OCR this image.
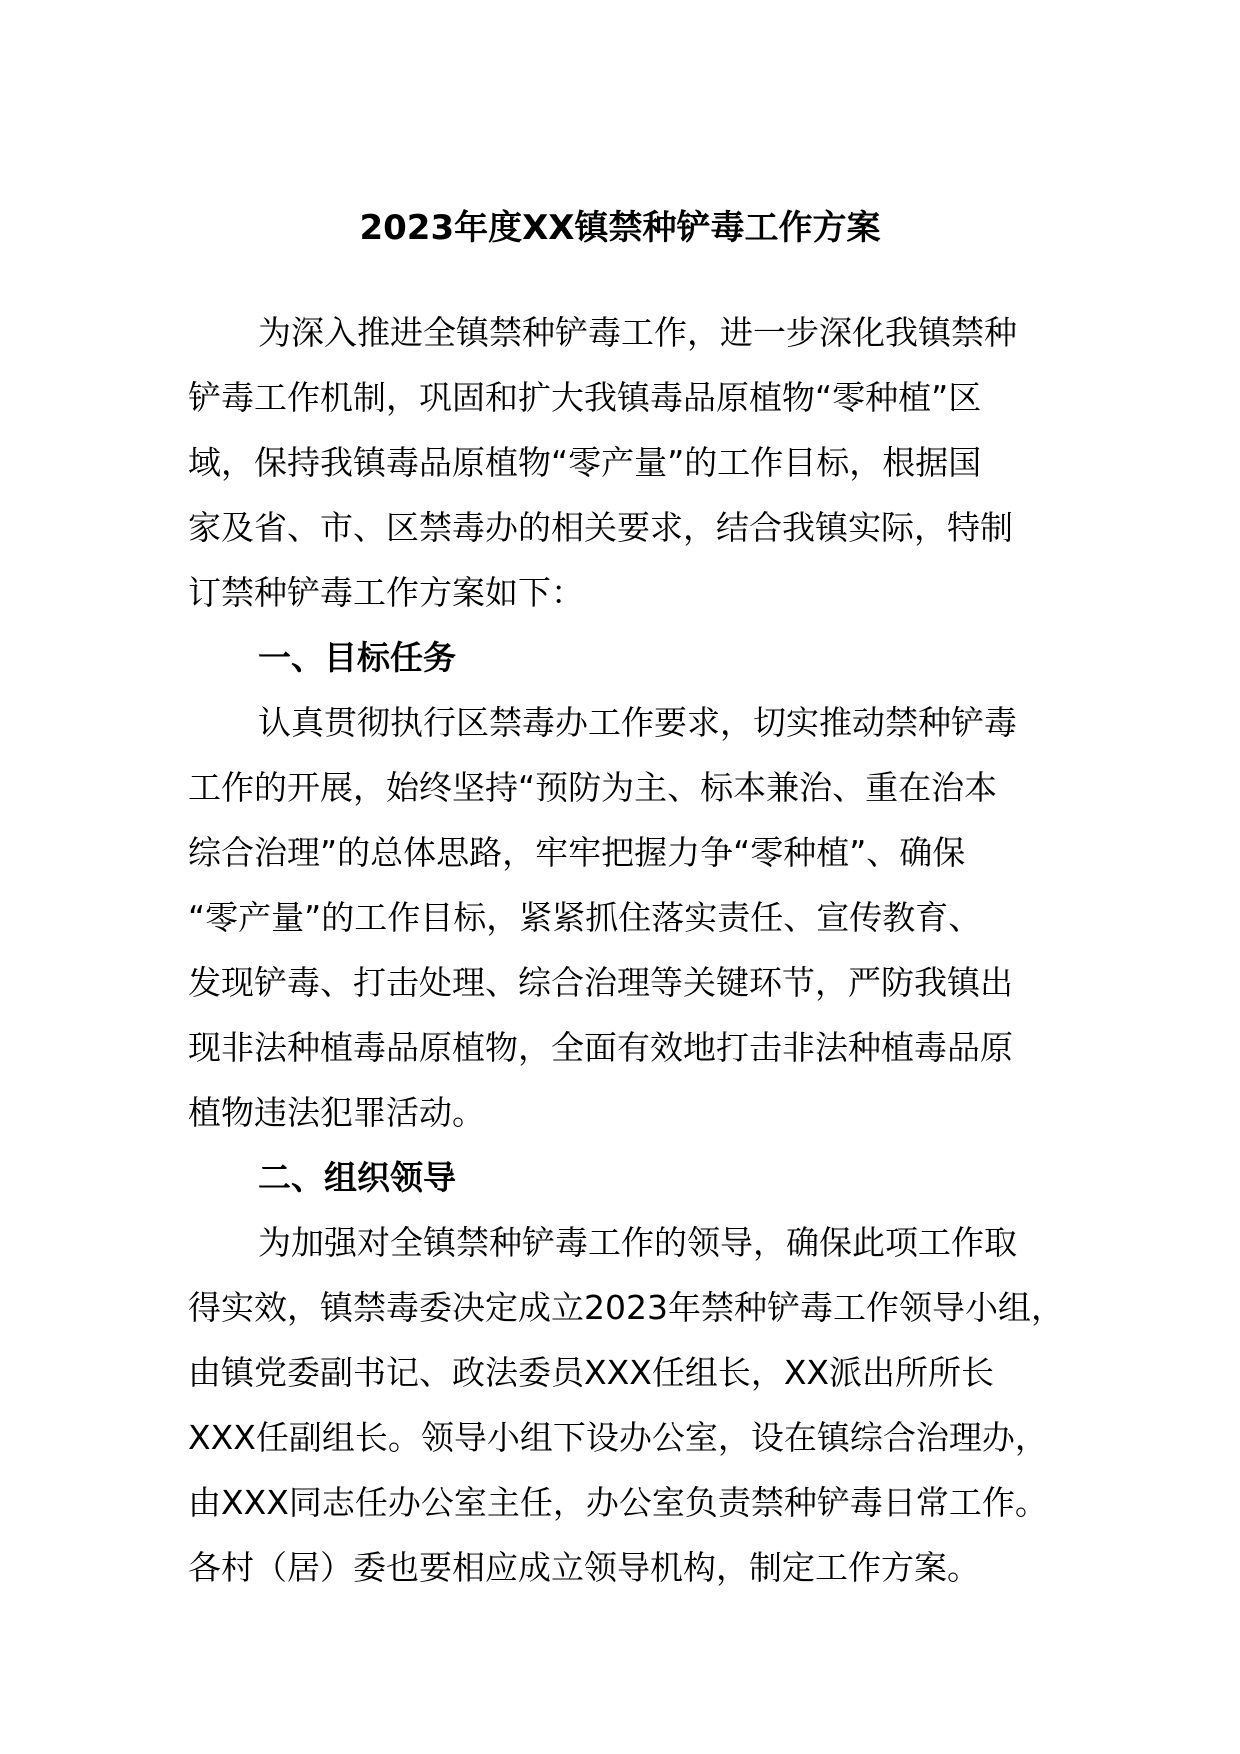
2023年度XX镇禁种铲毒工作方案
为深入推进全镇禁种铲毒工作，进一步深化我镇禁种
铲毒工作机制，巩固和扩大我镇毒品原植物“零种植”区
域，保持我镇毒品原植物“零产量”的工作目标，根据国
家及省、市、区禁毒办的相关要求，结合我镇实际，特制
订禁种铲毒工作方案如下：
一、目标任务
认真贯彻执行区禁毒办工作要求，切实推动禁种铲毒
工作的开展，始终坚持“预防为主、标本兼治、重在治本
综合治理”的总体思路，牢牢把握力争“零种植”、确保
“零产量”的工作目标，紧紧抓住落实责任、宣传教育、
发现铲毒、打击处理、综合治理等关键环节，严防我镇出
现非法种植毒品原植物，全面有效地打击非法种植毒品原
植物违法犯罪活动。
二、组织领导
为加强对全镇禁种铲毒工作的领导，确保此项工作取
得实效，镇禁毒委决定成立2023年禁种铲毒工作领导小组，
由镇党委副书记、政法委员XXX任组长，XX派出所所长
XXX任副组长。领导小组下设办公室，设在镇综合治理办，
由XXX同志任办公室主任，办公室负责禁种铲毒日常工作。
各村（居）委也要相应成立领导机构，制定工作方案。
